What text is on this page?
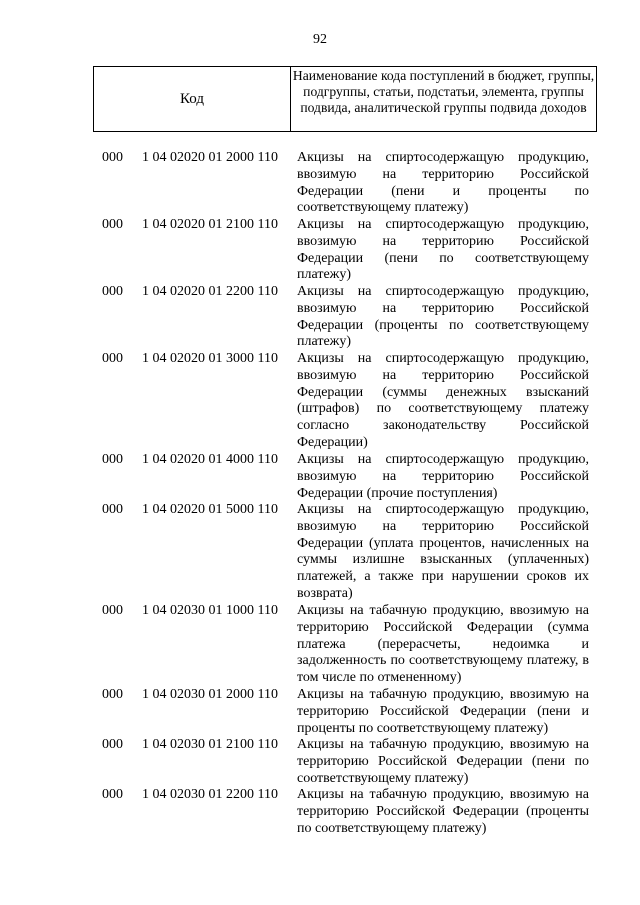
92
Код
Наименование кода поступлений в бюджет, группы, подгруппы, статьи, подстатьи, элемента, группы подвида, аналитической группы подвида доходов
000 1 04 02020 01 2000 110 Акцизы на спиртосодержащую продукцию, ввозимую на территорию Российской Федерации (пени и проценты по соответствующему платежу)
000 1 04 02020 01 2100 110 Акцизы на спиртосодержащую продукцию, ввозимую на территорию Российской Федерации (пени по соответствующему платежу)
000 1 04 02020 01 2200 110 Акцизы на спиртосодержащую продукцию, ввозимую на территорию Российской Федерации (проценты по соответствующему платежу)
000 1 04 02020 01 3000 110 Акцизы на спиртосодержащую продукцию, ввозимую на территорию Российской Федерации (суммы денежных взысканий (штрафов) по соответствующему платежу согласно законодательству Российской Федерации)
000 1 04 02020 01 4000 110 Акцизы на спиртосодержащую продукцию, ввозимую на территорию Российской Федерации (прочие поступления)
000 1 04 02020 01 5000 110 Акцизы на спиртосодержащую продукцию, ввозимую на территорию Российской Федерации (уплата процентов, начисленных на суммы излишне взысканных (уплаченных) платежей, а также при нарушении сроков их возврата)
000 1 04 02030 01 1000 110 Акцизы на табачную продукцию, ввозимую на территорию Российской Федерации (сумма платежа (перерасчеты, недоимка и задолженность по соответствующему платежу, в том числе по отмененному)
000 1 04 02030 01 2000 110 Акцизы на табачную продукцию, ввозимую на территорию Российской Федерации (пени и проценты по соответствующему платежу)
000 1 04 02030 01 2100 110 Акцизы на табачную продукцию, ввозимую на территорию Российской Федерации (пени по соответствующему платежу)
000 1 04 02030 01 2200 110 Акцизы на табачную продукцию, ввозимую на территорию Российской Федерации (проценты по соответствующему платежу)
